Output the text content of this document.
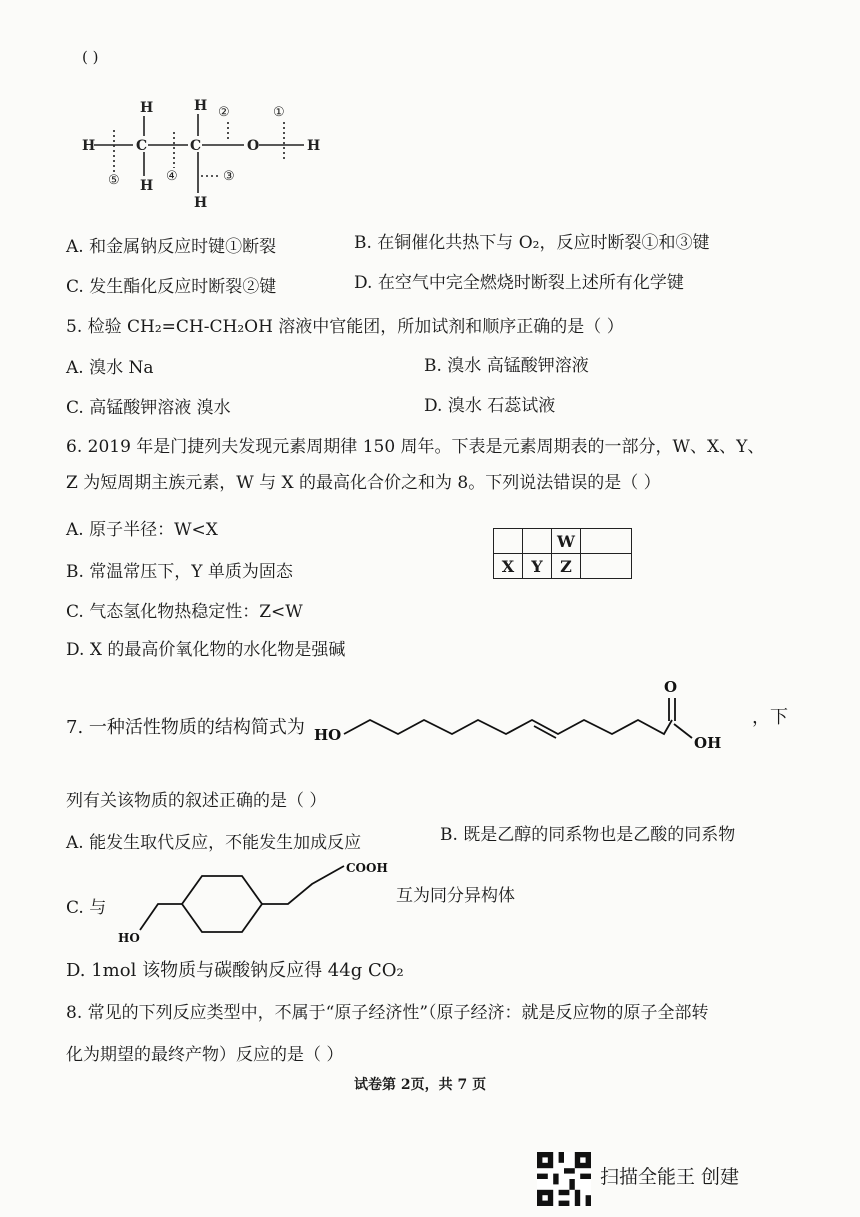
( )
H	C	C	O	H
H
H
H
H
①
②
③
④
⑤
A. 和金属钠反应时键①断裂	B. 在铜催化共热下与 O₂，反应时断裂①和③键
C. 发生酯化反应时断裂②键	D. 在空气中完全燃烧时断裂上述所有化学键
5. 检验 CH₂=CH-CH₂OH 溶液中官能团，所加试剂和顺序正确的是（ ）
A. 溴水 Na	B. 溴水 高锰酸钾溶液
C. 高锰酸钾溶液 溴水	D. 溴水 石蕊试液
6. 2019 年是门捷列夫发现元素周期律 150 周年。下表是元素周期表的一部分，W、X、Y、
Z 为短周期主族元素，W 与 X 的最高化合价之和为 8。下列说法错误的是（ ）
A. 原子半径：W<X
B. 常温常压下，Y 单质为固态
C. 气态氢化物热稳定性：Z<W
D. X 的最高价氧化物的水化物是强碱
		W	
X	Y	Z	
7. 一种活性物质的结构简式为 HO	OH
O
，下
列有关该物质的叙述正确的是（ ）
A. 能发生取代反应，不能发生加成反应	B. 既是乙醇的同系物也是乙酸的同系物
C. 与
HO
COOH
互为同分异构体
D. 1mol 该物质与碳酸钠反应得 44g CO₂
8. 常见的下列反应类型中，不属于“原子经济性”（原子经济：就是反应物的原子全部转
化为期望的最终产物）反应的是（ ）
试卷第 2页，共 7 页
扫描全能王 创建
